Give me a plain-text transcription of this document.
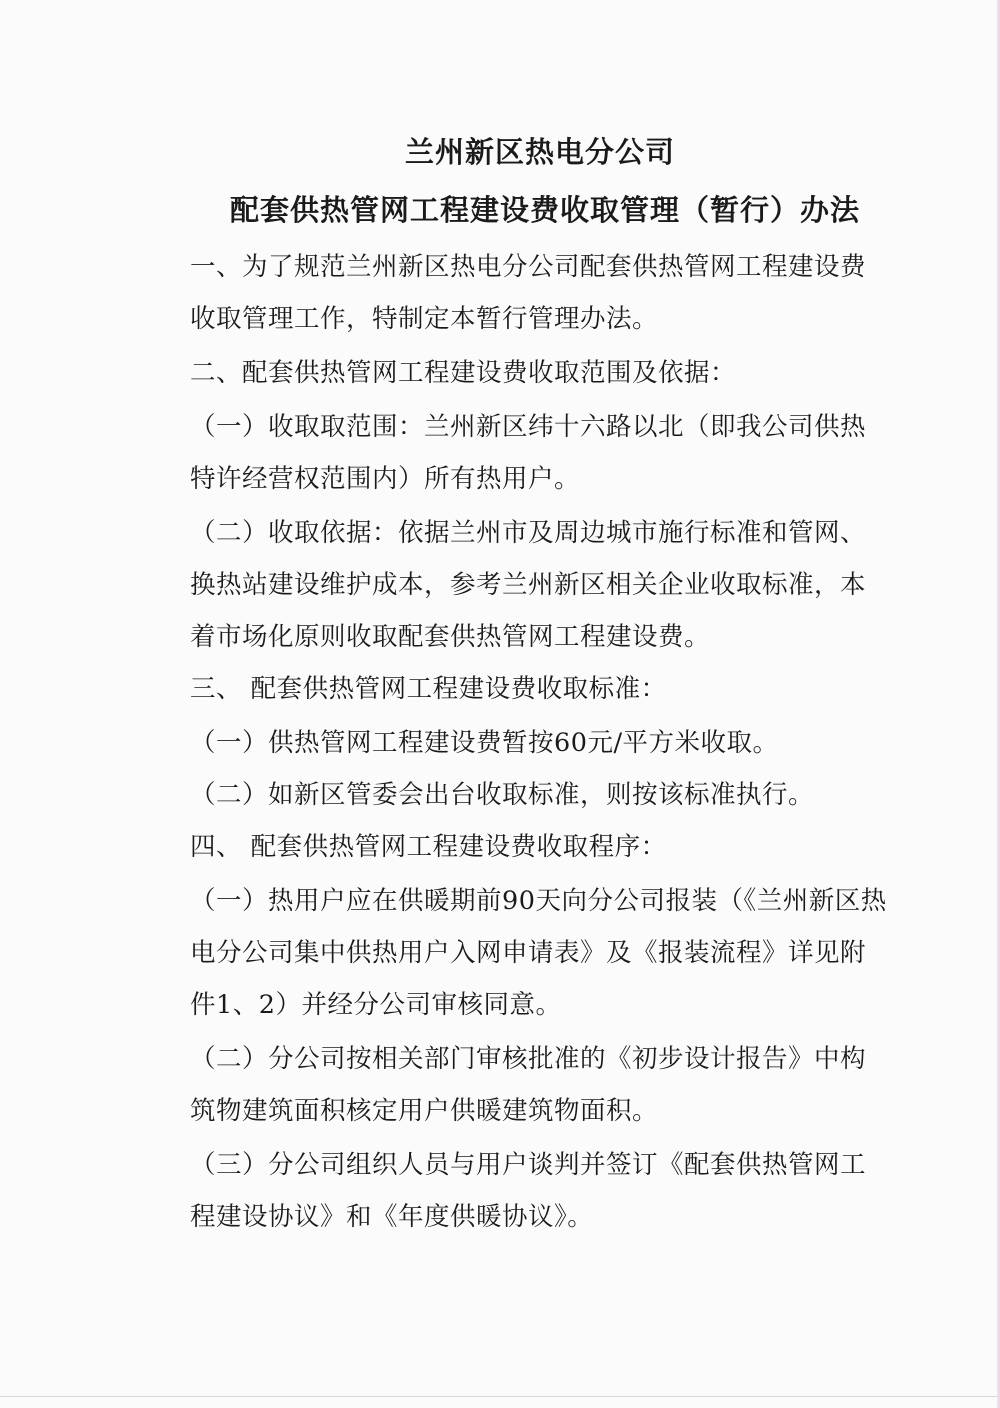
兰州新区热电分公司
配套供热管网工程建设费收取管理（暂行）办法
一、为了规范兰州新区热电分公司配套供热管网工程建设费
收取管理工作，特制定本暂行管理办法。
二、配套供热管网工程建设费收取范围及依据：
（一）收取取范围：兰州新区纬十六路以北（即我公司供热
特许经营权范围内）所有热用户。
（二）收取依据：依据兰州市及周边城市施行标准和管网、
换热站建设维护成本，参考兰州新区相关企业收取标准，本
着市场化原则收取配套供热管网工程建设费。
三、 配套供热管网工程建设费收取标准：
（一）供热管网工程建设费暂按60元/平方米收取。
（二）如新区管委会出台收取标准，则按该标准执行。
四、 配套供热管网工程建设费收取程序：
（一）热用户应在供暖期前90天向分公司报装（《兰州新区热
电分公司集中供热用户入网申请表》及《报装流程》详见附
件1、2）并经分公司审核同意。
（二）分公司按相关部门审核批准的《初步设计报告》中构
筑物建筑面积核定用户供暖建筑物面积。
（三）分公司组织人员与用户谈判并签订《配套供热管网工
程建设协议》和《年度供暖协议》。
